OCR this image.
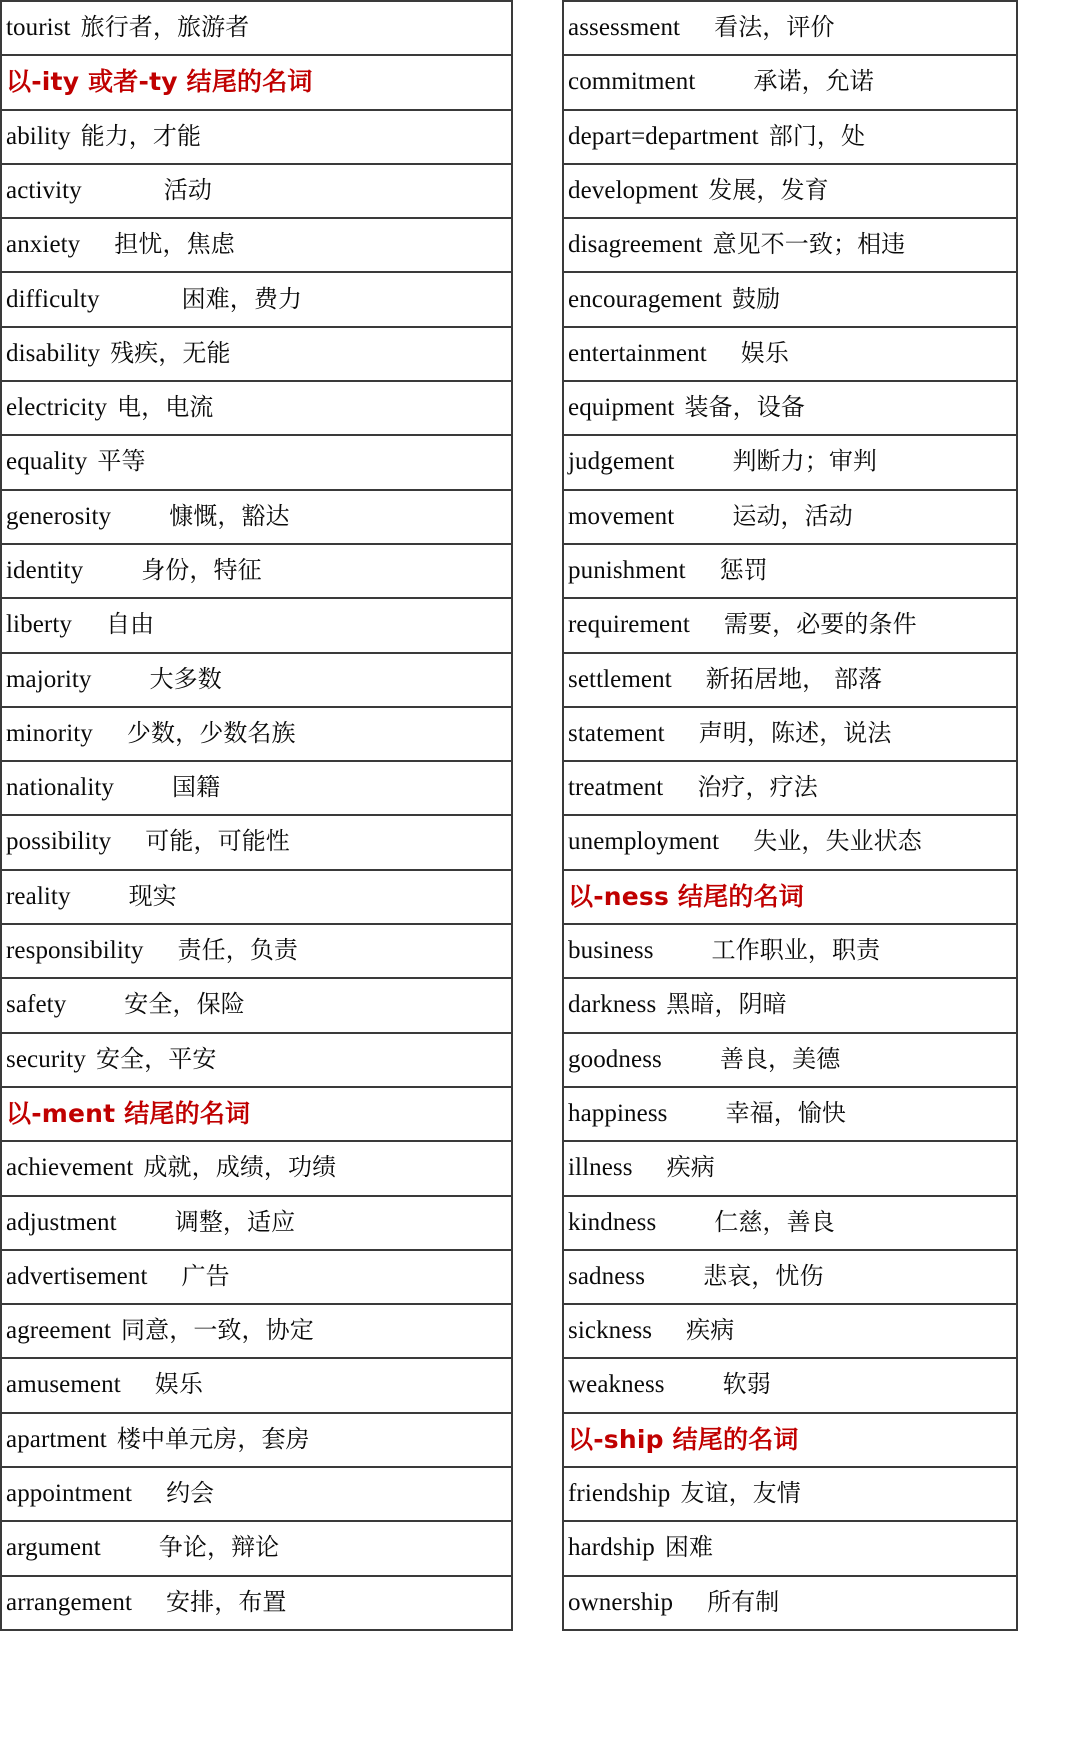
tourist 旅行者，旅游者
以-ity 或者-ty 结尾的名词
ability 能力，才能
activity	活动
anxiety 担忧，焦虑
difficulty	困难，费力
disability 残疾，无能
electricity 电，电流
equality 平等
generosity 慷慨，豁达
identity 身份，特征
liberty 自由
majority 大多数
minority 少数，少数名族
nationality 国籍
possibility 可能，可能性
reality 现实
responsibility 责任，负责
safety 安全，保险
security 安全，平安
以-ment 结尾的名词
achievement 成就，成绩，功绩
adjustment 调整，适应
advertisement 广告
agreement 同意，一致，协定
amusement 娱乐
apartment 楼中单元房，套房
appointment 约会
argument 争论，辩论
arrangement 安排，布置
assessment 看法，评价
commitment 承诺，允诺
depart=department 部门，处
development 发展，发育
disagreement 意见不一致；相违
encouragement 鼓励
entertainment 娱乐
equipment 装备，设备
judgement 判断力；审判
movement 运动，活动
punishment 惩罚
requirement 需要，必要的条件
settlement 新拓居地， 部落
statement 声明，陈述，说法
treatment 治疗，疗法
unemployment 失业，失业状态
以-ness 结尾的名词
business 工作职业，职责
darkness 黑暗，阴暗
goodness 善良，美德
happiness 幸福，愉快
illness 疾病
kindness 仁慈，善良
sadness 悲哀，忧伤
sickness 疾病
weakness 软弱
以-ship 结尾的名词
friendship 友谊，友情
hardship 困难
ownership 所有制
